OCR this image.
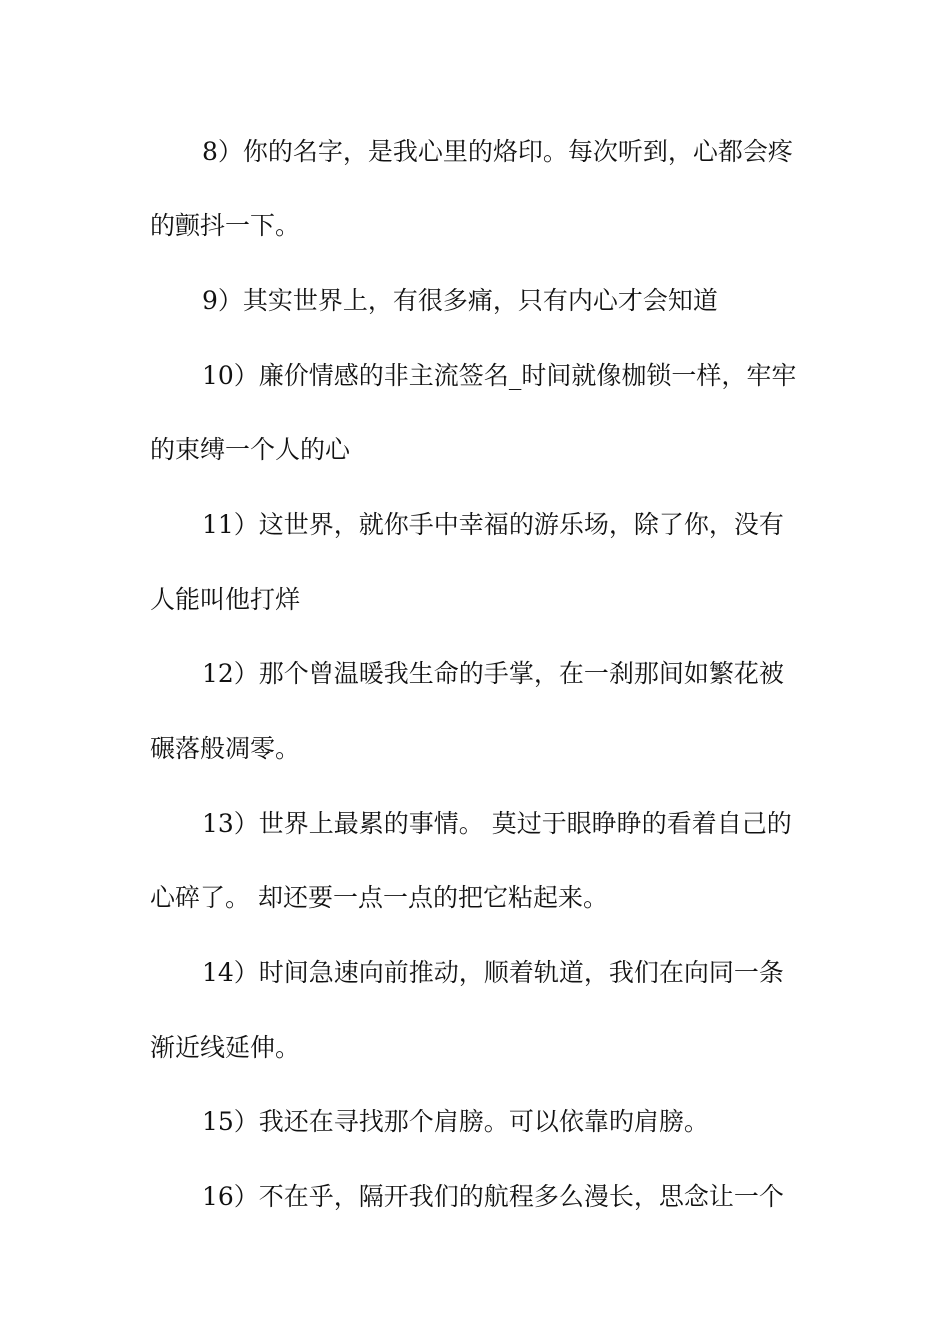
8）你的名字，是我心里的烙印。每次听到，心都会疼
的颤抖一下。
9）其实世界上，有很多痛，只有内心才会知道
10）廉价情感的非主流签名_时间就像枷锁一样，牢牢
的束缚一个人的心
11）这世界，就你手中幸福的游乐场，除了你，没有
人能叫他打烊
12）那个曾温暖我生命的手掌，在一刹那间如繁花被
碾落般凋零。
13）世界上最累的事情。 莫过于眼睁睁的看着自己的
心碎了。 却还要一点一点的把它粘起来。
14）时间急速向前推动，顺着轨道，我们在向同一条
渐近线延伸。
15）我还在寻找那个肩膀。可以依靠旳肩膀。
16）不在乎，隔开我们的航程多么漫长，思念让一个
